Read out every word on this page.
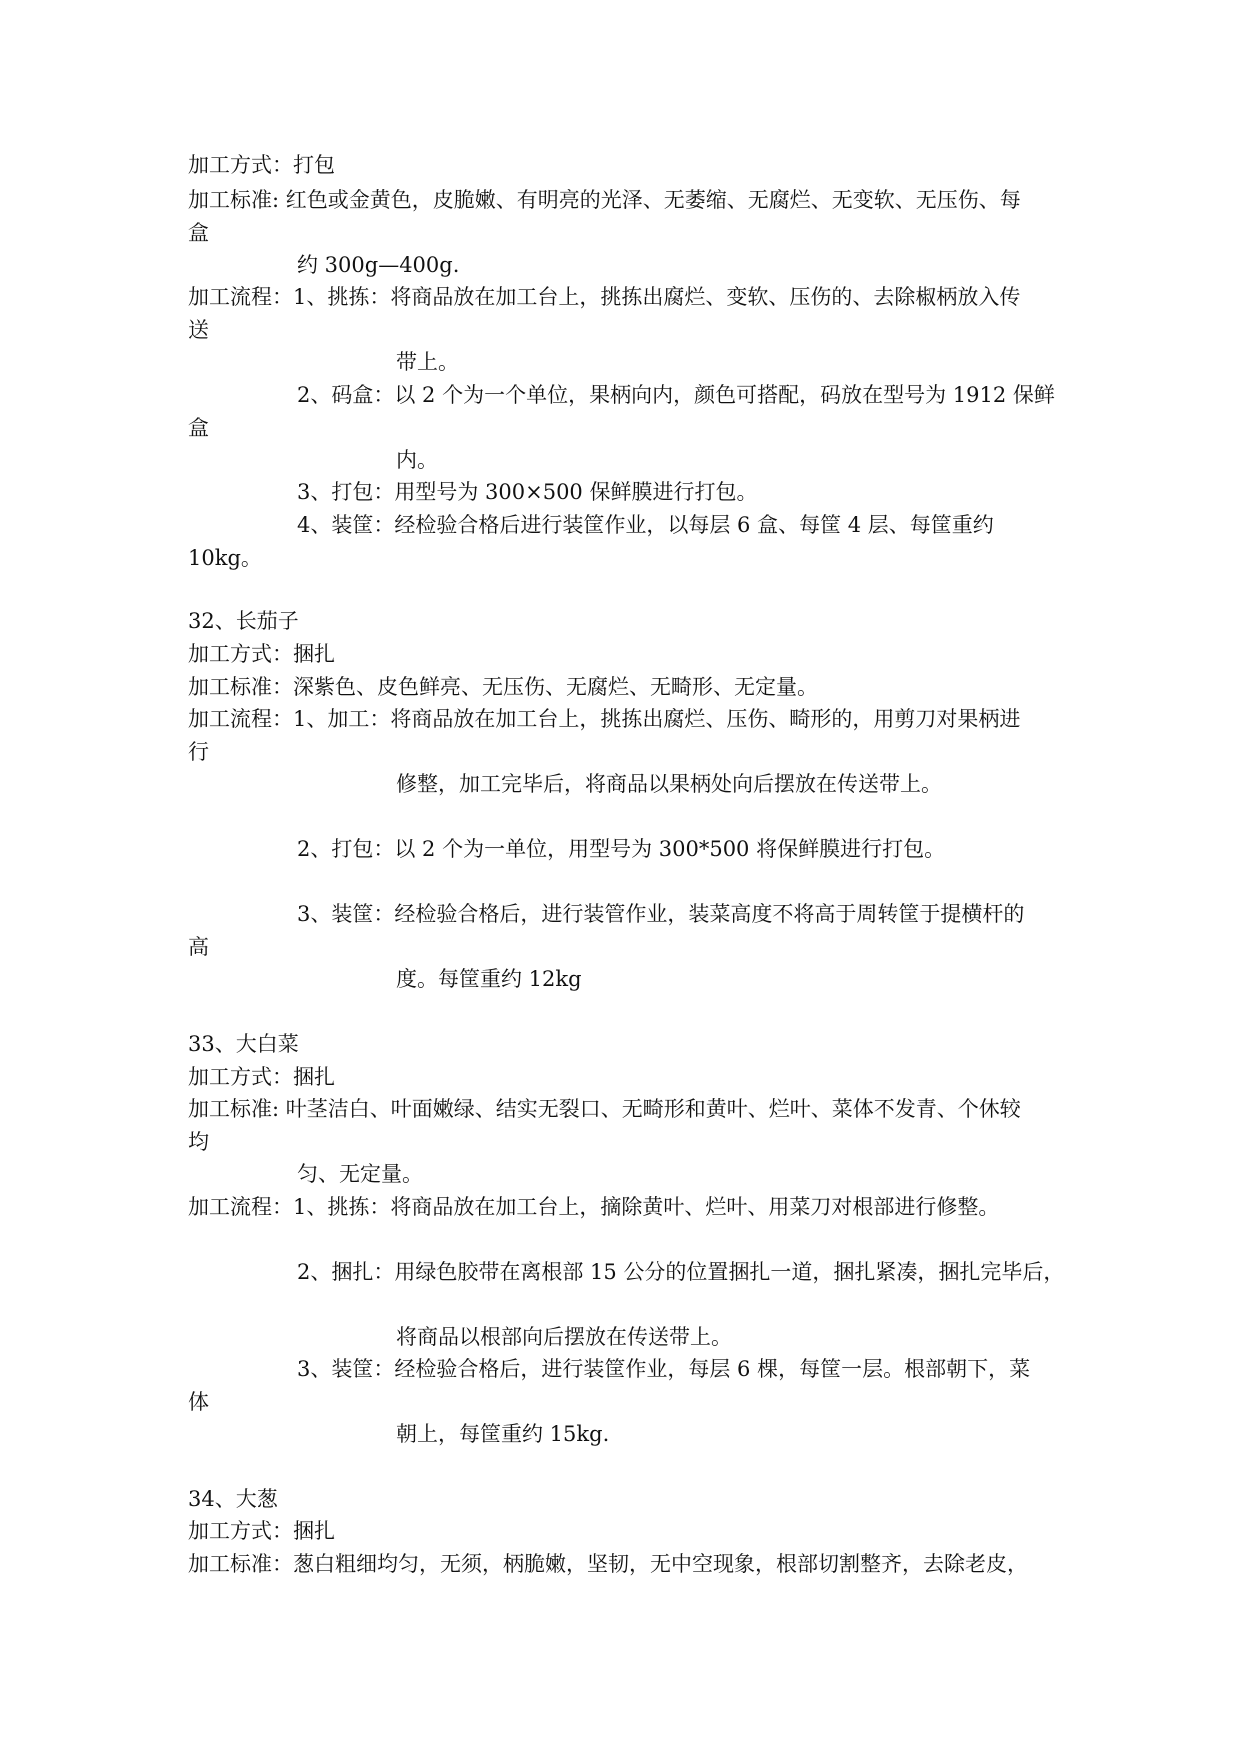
加工方式：打包
加工标准: 红色或金黄色，皮脆嫩、有明亮的光泽、无萎缩、无腐烂、无变软、无压伤、每
盒
约 300g—400g.
加工流程：1、挑拣：将商品放在加工台上，挑拣出腐烂、变软、压伤的、去除椒柄放入传
送
带上。
2、码盒：以 2 个为一个单位，果柄向内，颜色可搭配，码放在型号为 1912 保鲜
盒
内。
3、打包：用型号为 300×500 保鲜膜进行打包。
4、装筐：经检验合格后进行装筐作业，以每层 6 盒、每筐 4 层、每筐重约
10kg。
32、长茄子
加工方式：捆扎
加工标准：深紫色、皮色鲜亮、无压伤、无腐烂、无畸形、无定量。
加工流程：1、加工：将商品放在加工台上，挑拣出腐烂、压伤、畸形的，用剪刀对果柄进
行
修整，加工完毕后，将商品以果柄处向后摆放在传送带上。
2、打包：以 2 个为一单位，用型号为 300*500 将保鲜膜进行打包。
3、装筐：经检验合格后，进行装管作业，装菜高度不将高于周转筐于提横杆的
高
度。每筐重约 12kg
33、大白菜
加工方式：捆扎
加工标准: 叶茎洁白、叶面嫩绿、结实无裂口、无畸形和黄叶、烂叶、菜体不发青、个休较
均
匀、无定量。
加工流程：1、挑拣：将商品放在加工台上，摘除黄叶、烂叶、用菜刀对根部进行修整。
2、捆扎：用绿色胶带在离根部 15 公分的位置捆扎一道，捆扎紧凑，捆扎完毕后，
将商品以根部向后摆放在传送带上。
3、装筐：经检验合格后，进行装筐作业，每层 6 棵，每筐一层。根部朝下，菜
体
朝上，每筐重约 15kg.
34、大葱
加工方式：捆扎
加工标准：葱白粗细均匀，无须，柄脆嫩，坚韧，无中空现象，根部切割整齐，去除老皮，
